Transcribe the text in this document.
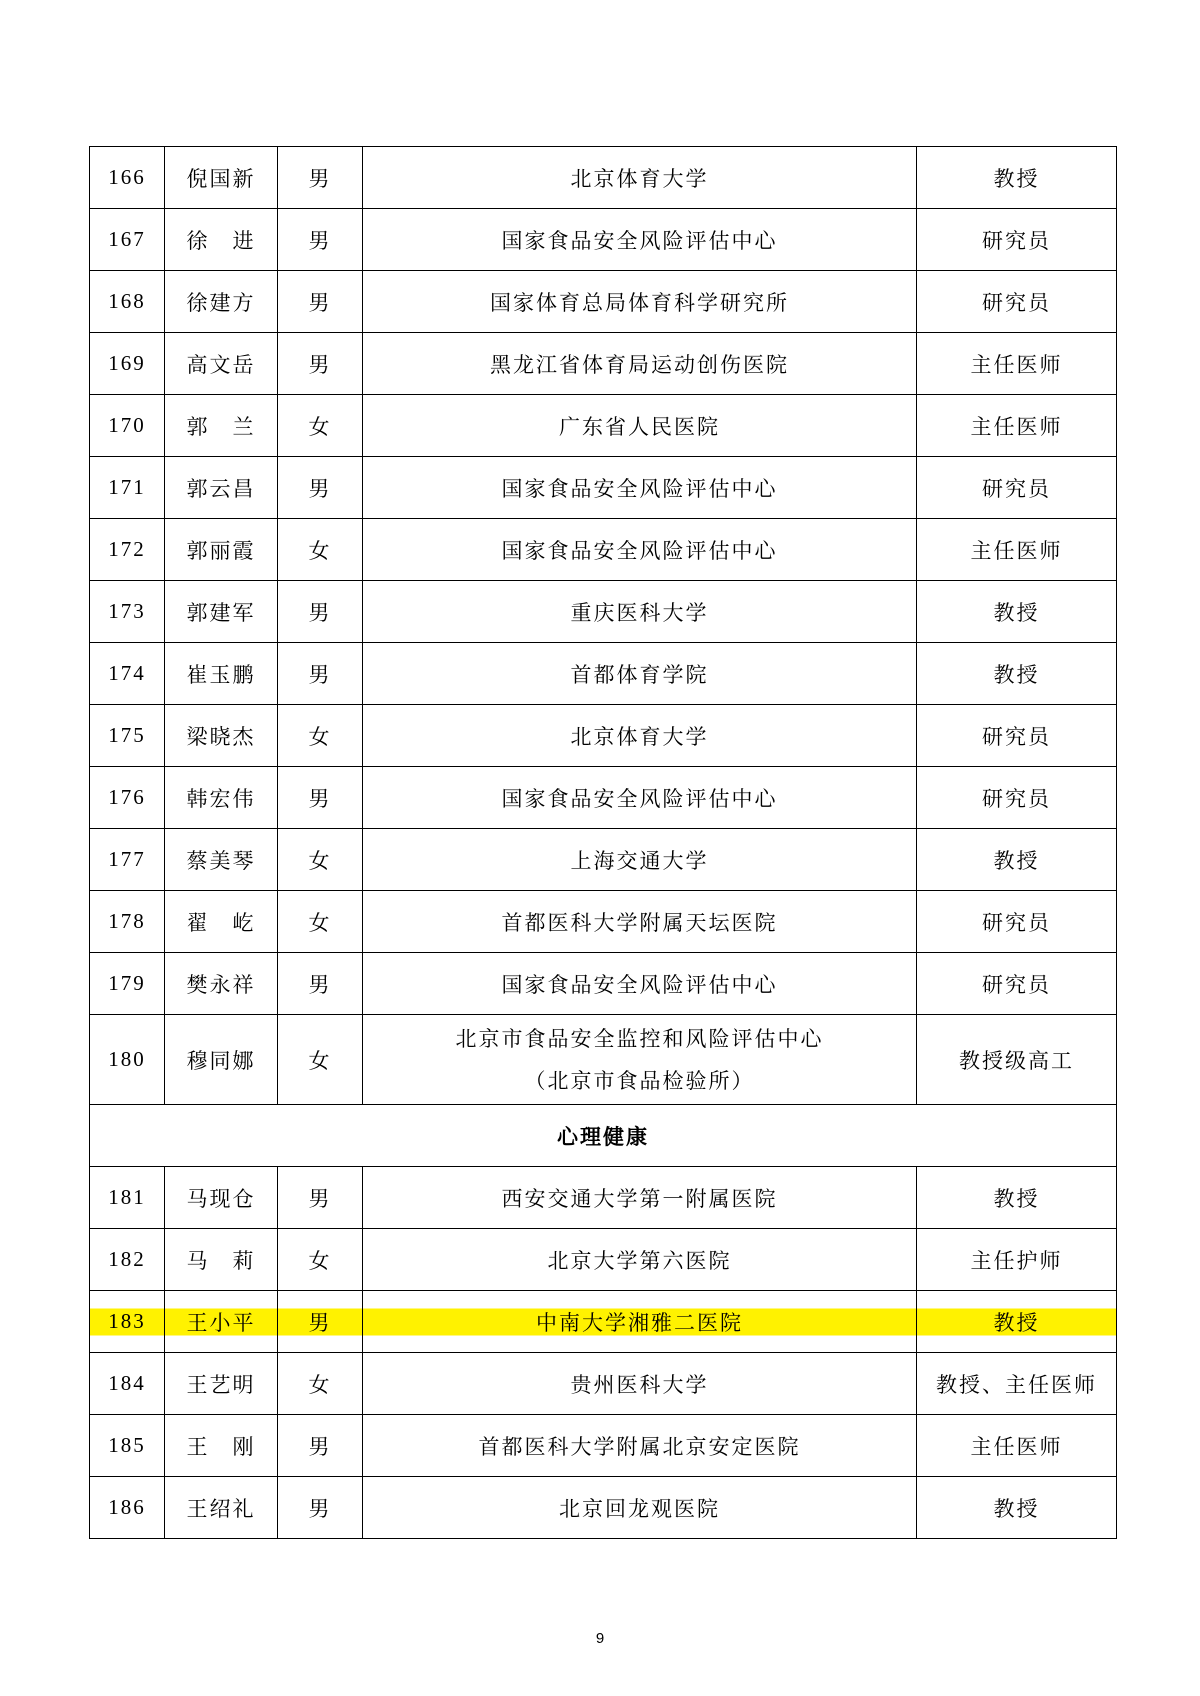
166	倪国新	男	北京体育大学	教授
167	徐　进	男	国家食品安全风险评估中心	研究员
168	徐建方	男	国家体育总局体育科学研究所	研究员
169	高文岳	男	黑龙江省体育局运动创伤医院	主任医师
170	郭　兰	女	广东省人民医院	主任医师
171	郭云昌	男	国家食品安全风险评估中心	研究员
172	郭丽霞	女	国家食品安全风险评估中心	主任医师
173	郭建军	男	重庆医科大学	教授
174	崔玉鹏	男	首都体育学院	教授
175	梁晓杰	女	北京体育大学	研究员
176	韩宏伟	男	国家食品安全风险评估中心	研究员
177	蔡美琴	女	上海交通大学	教授
178	翟　屹	女	首都医科大学附属天坛医院	研究员
179	樊永祥	男	国家食品安全风险评估中心	研究员
180	穆同娜	女	北京市食品安全监控和风险评估中心
（北京市食品检验所）	教授级高工
心理健康				
181	马现仓	男	西安交通大学第一附属医院	教授
182	马　莉	女	北京大学第六医院	主任护师
183	王小平	男	中南大学湘雅二医院	教授
184	王艺明	女	贵州医科大学	教授、主任医师
185	王　刚	男	首都医科大学附属北京安定医院	主任医师
186	王绍礼	男	北京回龙观医院	教授
9
